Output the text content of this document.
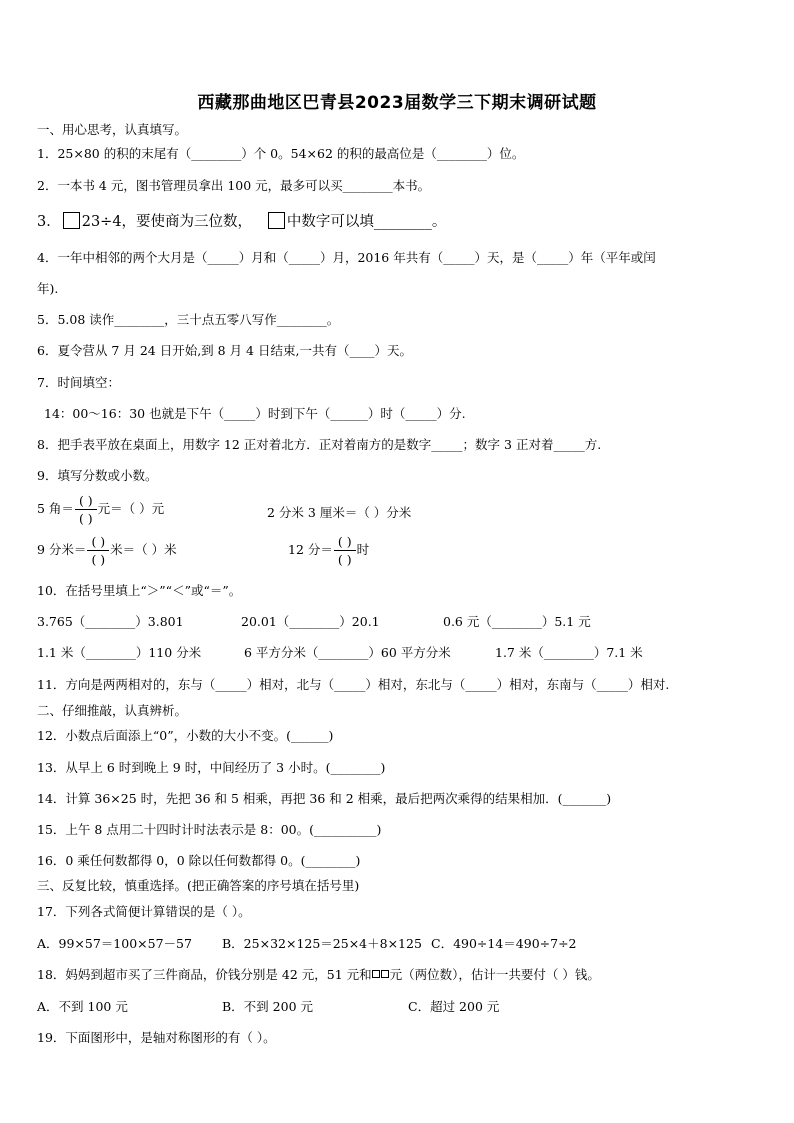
西藏那曲地区巴青县2023届数学三下期末调研试题
一、用心思考，认真填写。
1．25×80 的积的末尾有（________）个 0。54×62 的积的最高位是（________）位。
2．一本书 4 元，图书管理员拿出 100 元，最多可以买________本书。
3． 23÷4，要使商为三位数， 中数字可以填________。
4．一年中相邻的两个大月是（_____）月和（_____）月，2016 年共有（_____）天，是（_____）年（平年或闰
年).
5．5.08 读作________，三十点五零八写作________。
6．夏令营从 7 月 24 日开始,到 8 月 4 日结束,一共有（____）天。
7．时间填空：
14：00～16：30 也就是下午（_____）时到下午（______）时（_____）分.
8．把手表平放在桌面上，用数字 12 正对着北方．正对着南方的是数字_____；数字 3 正对着_____方.
9．填写分数或小数。
5 角＝ $\frac{( )}{( )}$ 元＝（ ）元	2 分米 3 厘米＝（ ）分米
9 分米＝ $\frac{( )}{( )}$ 米＝（ ）米	12 分＝ $\frac{( )}{( )}$ 时
10．在括号里填上“＞”“＜”或“＝”。
3.765（________）3.801	20.01（________）20.1	0.6 元（________）5.1 元
1.1 米（________）110 分米	6 平方分米（________）60 平方分米	1.7 米（________）7.1 米
11．方向是两两相对的，东与（_____）相对，北与（_____）相对，东北与（_____）相对，东南与（_____）相对.
二、仔细推敲，认真辨析。
12．小数点后面添上“0”，小数的大小不变。(______)
13．从早上 6 时到晚上 9 时，中间经历了 3 小时。(________)
14．计算 36×25 时，先把 36 和 5 相乘，再把 36 和 2 相乘，最后把两次乘得的结果相加．(_______)
15．上午 8 点用二十四时计时法表示是 8：00。(__________)
16．0 乘任何数都得 0，0 除以任何数都得 0。(________)
三、反复比较，慎重选择。(把正确答案的序号填在括号里)
17．下列各式简便计算错误的是（ ）。
A．99×57＝100×57－57 B．25×32×125＝25×4＋8×125 C．490÷14＝490÷7÷2
18．妈妈到超市买了三件商品，价钱分别是 42 元，51 元和 元（两位数），估计一共要付（ ）钱。
A．不到 100 元	B．不到 200 元	C．超过 200 元
19．下面图形中，是轴对称图形的有（ ）。
